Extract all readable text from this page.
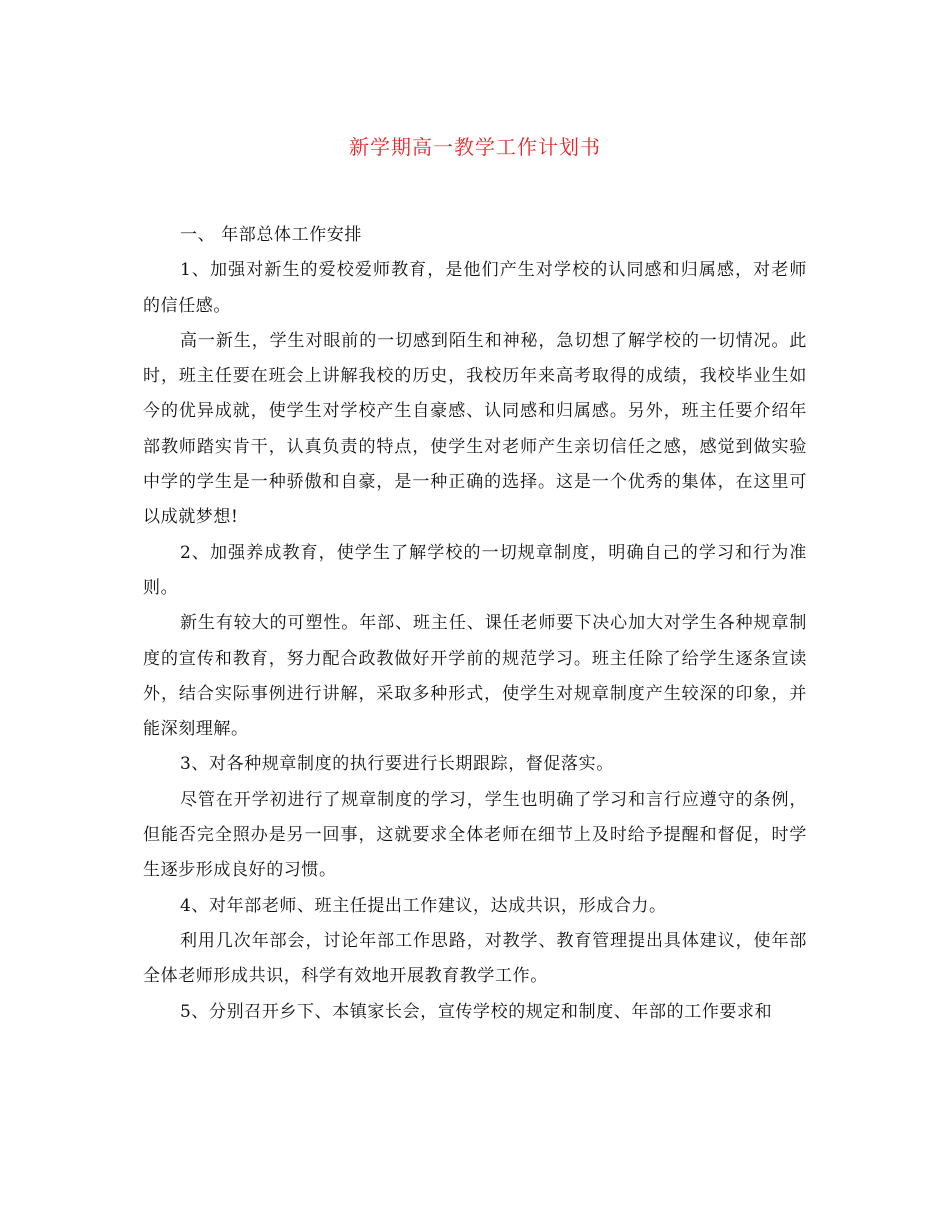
新学期高一教学工作计划书

一、 年部总体工作安排

1、加强对新生的爱校爱师教育，是他们产生对学校的认同感和归属感，对老师的信任感。

高一新生，学生对眼前的一切感到陌生和神秘，急切想了解学校的一切情况。此时，班主任要在班会上讲解我校的历史，我校历年来高考取得的成绩，我校毕业生如今的优异成就，使学生对学校产生自豪感、认同感和归属感。另外，班主任要介绍年部教师踏实肯干，认真负责的特点，使学生对老师产生亲切信任之感，感觉到做实验中学的学生是一种骄傲和自豪，是一种正确的选择。这是一个优秀的集体，在这里可以成就梦想!

2、加强养成教育，使学生了解学校的一切规章制度，明确自己的学习和行为准则。

新生有较大的可塑性。年部、班主任、课任老师要下决心加大对学生各种规章制度的宣传和教育，努力配合政教做好开学前的规范学习。班主任除了给学生逐条宣读外，结合实际事例进行讲解，采取多种形式，使学生对规章制度产生较深的印象，并能深刻理解。

3、对各种规章制度的执行要进行长期跟踪，督促落实。

尽管在开学初进行了规章制度的学习，学生也明确了学习和言行应遵守的条例，但能否完全照办是另一回事，这就要求全体老师在细节上及时给予提醒和督促，时学生逐步形成良好的习惯。

4、对年部老师、班主任提出工作建议，达成共识，形成合力。

利用几次年部会，讨论年部工作思路，对教学、教育管理提出具体建议，使年部全体老师形成共识，科学有效地开展教育教学工作。

5、分别召开乡下、本镇家长会，宣传学校的规定和制度、年部的工作要求和
